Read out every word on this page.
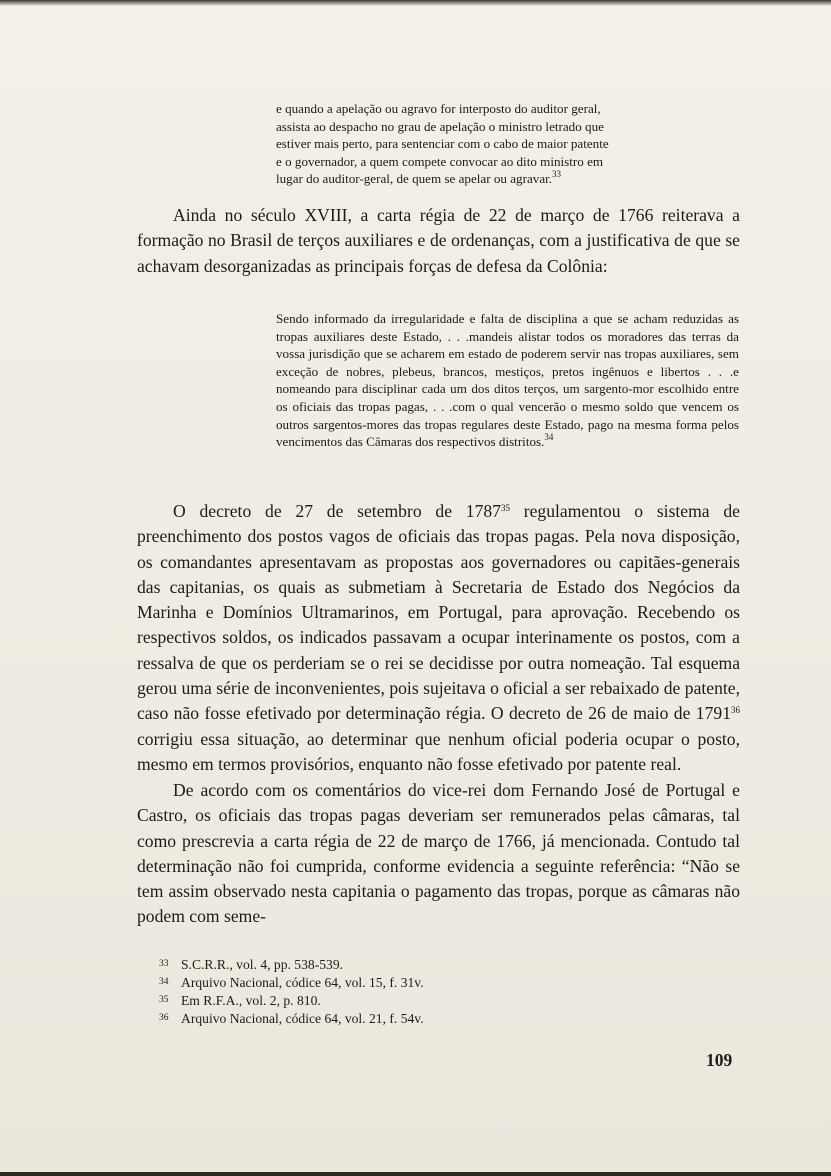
e quando a apelação ou agravo for interposto do auditor geral,
assista ao despacho no grau de apelação o ministro letrado que
estiver mais perto, para sentenciar com o cabo de maior patente
e o governador, a quem compete convocar ao dito ministro em
lugar do auditor-geral, de quem se apelar ou agravar.$^{33}$

Ainda no século XVIII, a carta régia de 22 de março de 1766 reiterava a formação no Brasil de terços auxiliares e de ordenanças, com a justificativa de que se achavam desorganizadas as principais forças de defesa da Colônia:

Sendo informado da irregularidade e falta de disciplina a que se acham reduzidas as tropas auxiliares deste Estado, . . .mandeis alistar todos os moradores das terras da vossa jurisdição que se acharem em estado de poderem servir nas tropas auxiliares, sem exceção de nobres, plebeus, brancos, mestiços, pretos ingênuos e libertos . . .e nomeando para disciplinar cada um dos ditos terços, um sargento-mor escolhido entre os oficiais das tropas pagas, . . .com o qual vencerão o mesmo soldo que vencem os outros sargentos-mores das tropas regulares deste Estado, pago na mesma forma pelos vencimentos das Câmaras dos respectivos distritos.$^{34}$

O decreto de 27 de setembro de 1787$^{35}$ regulamentou o sistema de preenchimento dos postos vagos de oficiais das tropas pagas. Pela nova disposição, os comandantes apresentavam as propostas aos governadores ou capitães-generais das capitanias, os quais as submetiam à Secretaria de Estado dos Negócios da Marinha e Domínios Ultramarinos, em Portugal, para aprovação. Recebendo os respectivos soldos, os indicados passavam a ocupar interinamente os postos, com a ressalva de que os perderiam se o rei se decidisse por outra nomeação. Tal esquema gerou uma série de inconvenientes, pois sujeitava o oficial a ser rebaixado de patente, caso não fosse efetivado por determinação régia. O decreto de 26 de maio de 1791$^{36}$ corrigiu essa situação, ao determinar que nenhum oficial poderia ocupar o posto, mesmo em termos provisórios, enquanto não fosse efetivado por patente real.

De acordo com os comentários do vice-rei dom Fernando José de Portugal e Castro, os oficiais das tropas pagas deveriam ser remunerados pelas câmaras, tal como prescrevia a carta régia de 22 de março de 1766, já mencionada. Contudo tal determinação não foi cumprida, conforme evidencia a seguinte referência: “Não se tem assim observado nesta capitania o pagamento das tropas, porque as câmaras não podem com seme-

33 S.C.R.R., vol. 4, pp. 538-539.
34 Arquivo Nacional, códice 64, vol. 15, f. 31v.
35 Em R.F.A., vol. 2, p. 810.
36 Arquivo Nacional, códice 64, vol. 21, f. 54v.
109
